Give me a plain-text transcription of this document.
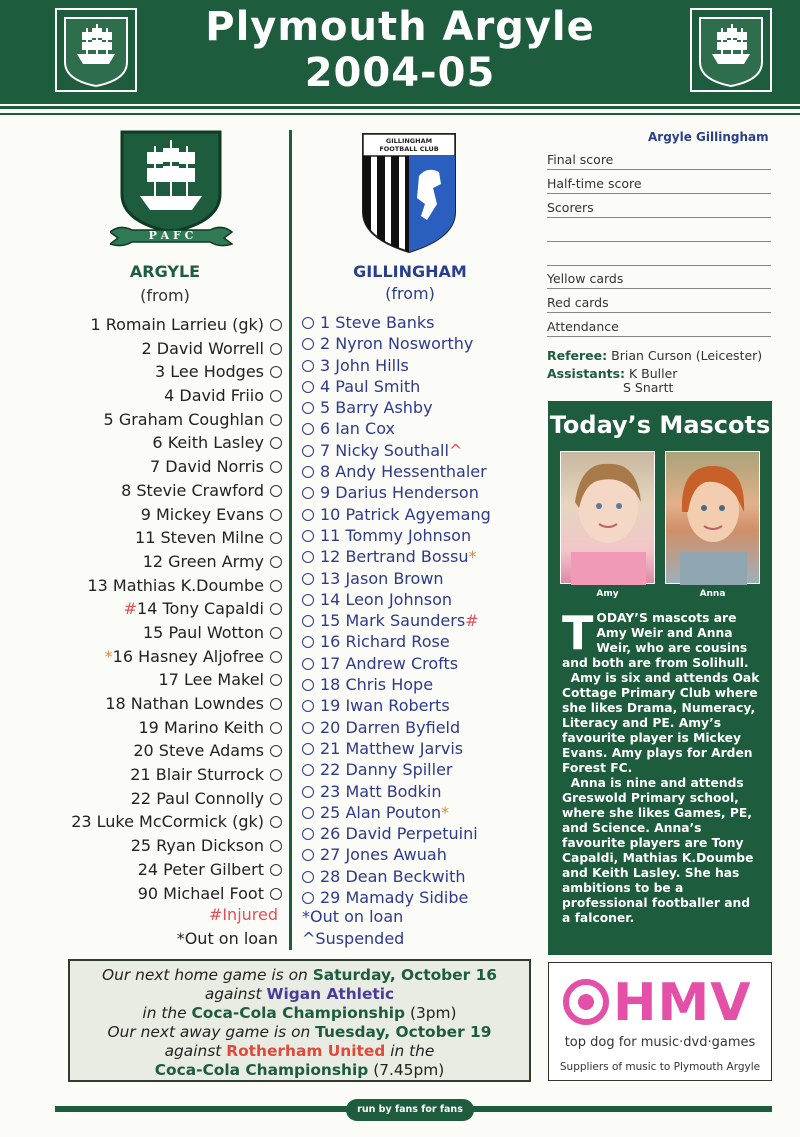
Plymouth Argyle
2004-05
P A F C
GILLINGHAM FOOTBALL CLUB
ARGYLE
(from)
GILLINGHAM
(from)
1 Romain Larrieu (gk)
2 David Worrell
3 Lee Hodges
4 David Friio
5 Graham Coughlan
6 Keith Lasley
7 David Norris
8 Stevie Crawford
9 Mickey Evans
11 Steven Milne
12 Green Army
13 Mathias K.Doumbe
#14 Tony Capaldi
15 Paul Wotton
*16 Hasney Aljofree
17 Lee Makel
18 Nathan Lowndes
19 Marino Keith
20 Steve Adams
21 Blair Sturrock
22 Paul Connolly
23 Luke McCormick (gk)
25 Ryan Dickson
24 Peter Gilbert
90 Michael Foot
#Injured
*Out on loan
1 Steve Banks
2 Nyron Nosworthy
3 John Hills
4 Paul Smith
5 Barry Ashby
6 Ian Cox
7 Nicky Southall^
8 Andy Hessenthaler
9 Darius Henderson
10 Patrick Agyemang
11 Tommy Johnson
12 Bertrand Bossu*
13 Jason Brown
14 Leon Johnson
15 Mark Saunders#
16 Richard Rose
17 Andrew Crofts
18 Chris Hope
19 Iwan Roberts
20 Darren Byfield
21 Matthew Jarvis
22 Danny Spiller
23 Matt Bodkin
25 Alan Pouton*
26 David Perpetuini
27 Jones Awuah
28 Dean Beckwith
29 Mamady Sidibe
*Out on loan
^Suspended
Argyle Gillingham
Final score
Half-time score
Scorers
Yellow cards
Red cards
Attendance
Referee: Brian Curson (Leicester)
Assistants: K Buller
S Snartt
Today’s Mascots
Amy	Anna
TODAY’S mascots are Amy Weir and Anna Weir, who are cousins and both are from Solihull.
Amy is six and attends Oak Cottage Primary Club where she likes Drama, Numeracy, Literacy and PE. Amy’s favourite player is Mickey Evans. Amy plays for Arden Forest FC.
Anna is nine and attends Greswold Primary school, where she likes Games, PE, and Science. Anna’s favourite players are Tony Capaldi, Mathias K.Doumbe and Keith Lasley. She has ambitions to be a professional footballer and a falconer.
Our next home game is on Saturday, October 16
against Wigan Athletic
in the Coca-Cola Championship (3pm)
Our next away game is on Tuesday, October 19
against Rotherham United in the
Coca-Cola Championship (7.45pm)
HMV
top dog for music·dvd·games
Suppliers of music to Plymouth Argyle
run by fans for fans
